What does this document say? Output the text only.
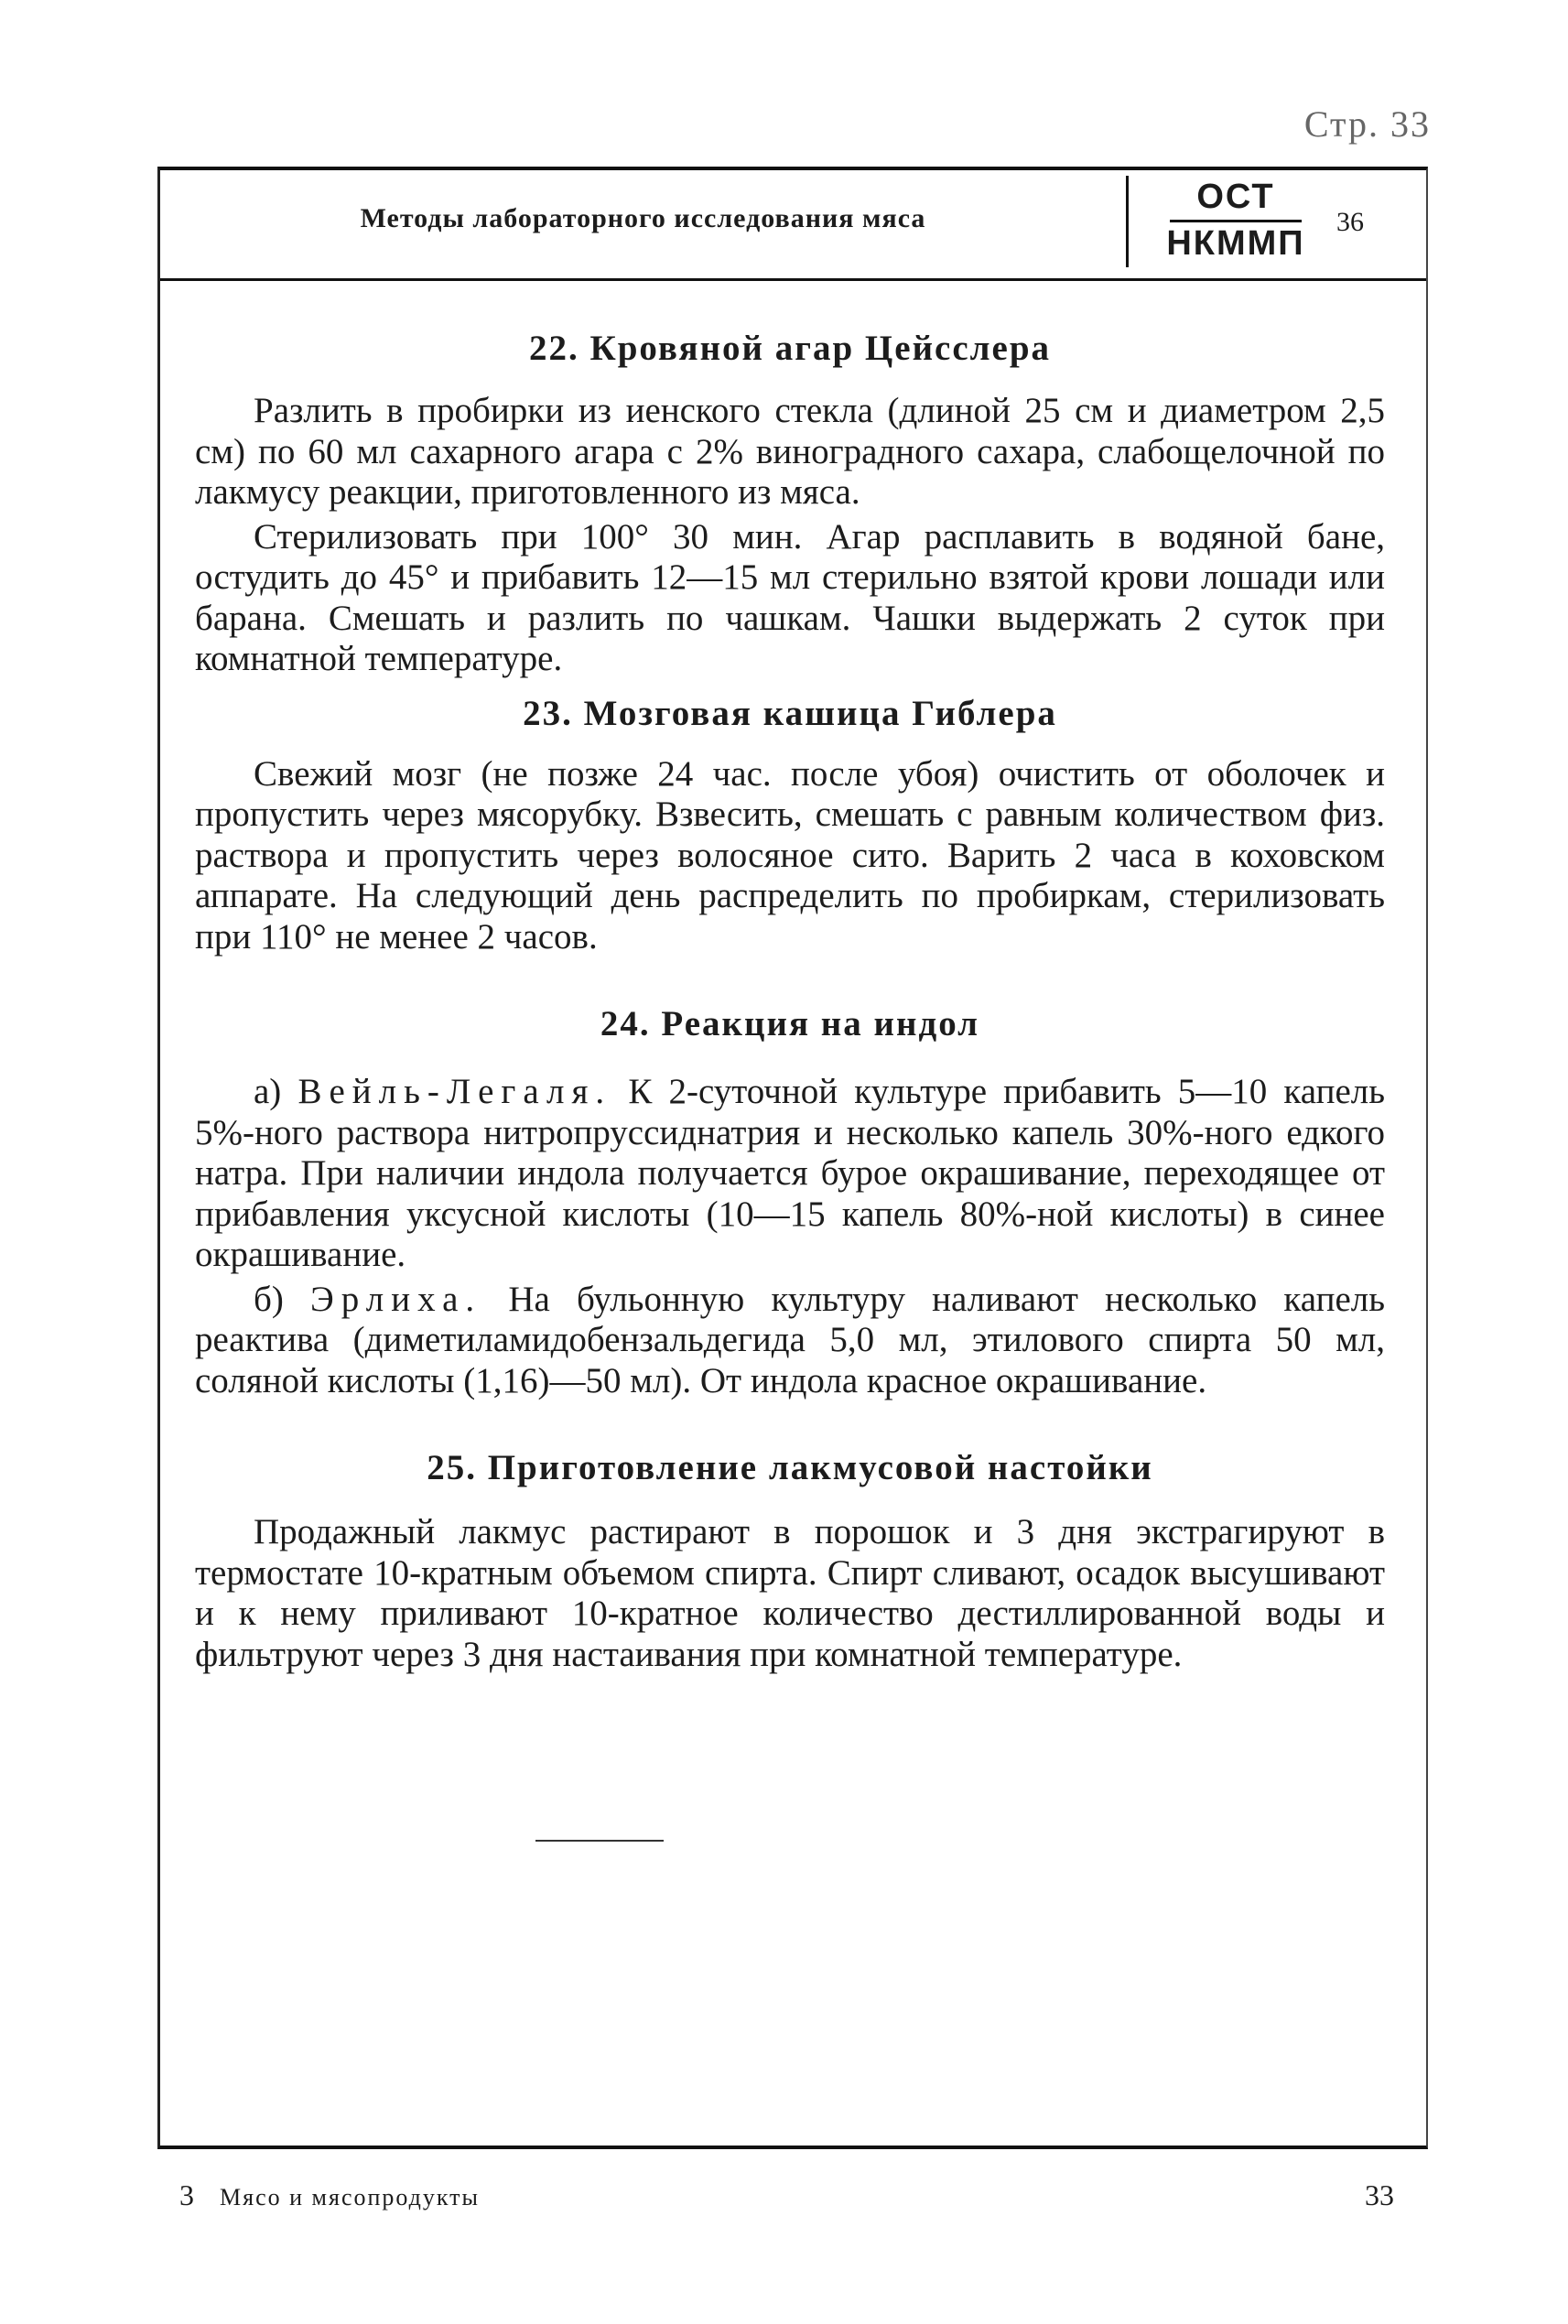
Стр. 33
Методы лабораторного исследования мяса
ОСТ
НКММП
36
22. Кровяной агар Цейсслера

Разлить в пробирки из иенского стекла (длиной 25 см и диаметром 2,5 см) по 60 мл сахарного агара с 2% виноградного сахара, слабощелочной по лакмусу реакции, приготовленного из мяса.

Стерилизовать при 100° 30 мин. Агар расплавить в водяной бане, остудить до 45° и прибавить 12—15 мл стерильно взятой крови лошади или барана. Смешать и разлить по чашкам. Чашки выдержать 2 суток при комнатной температуре.

23. Мозговая кашица Гиблера

Свежий мозг (не позже 24 час. после убоя) очистить от оболочек и пропустить через мясорубку. Взвесить, смешать с равным количеством физ. раствора и пропустить через волосяное сито. Варить 2 часа в коховском аппарате. На следующий день распределить по пробиркам, стерилизовать при 110° не менее 2 часов.

24. Реакция на индол

а) Вейль-Легаля. К 2-суточной культуре прибавить 5—10 капель 5%-ного раствора нитропруссиднатрия и несколько капель 30%-ного едкого натра. При наличии индола получается бурое окрашивание, переходящее от прибавления уксусной кислоты (10—15 капель 80%-ной кислоты) в синее окрашивание.

б) Эрлиха. На бульонную культуру наливают несколько капель реактива (диметиламидобензальдегида 5,0 мл, этилового спирта 50 мл, соляной кислоты (1,16)—50 мл). От индола красное окрашивание.

25. Приготовление лакмусовой настойки

Продажный лакмус растирают в порошок и 3 дня экстрагируют в термостате 10-кратным объемом спирта. Спирт сливают, осадок высушивают и к нему приливают 10-кратное количество дестиллированной воды и фильтруют через 3 дня настаивания при комнатной температуре.

3 Мясо и мясопродукты	33
